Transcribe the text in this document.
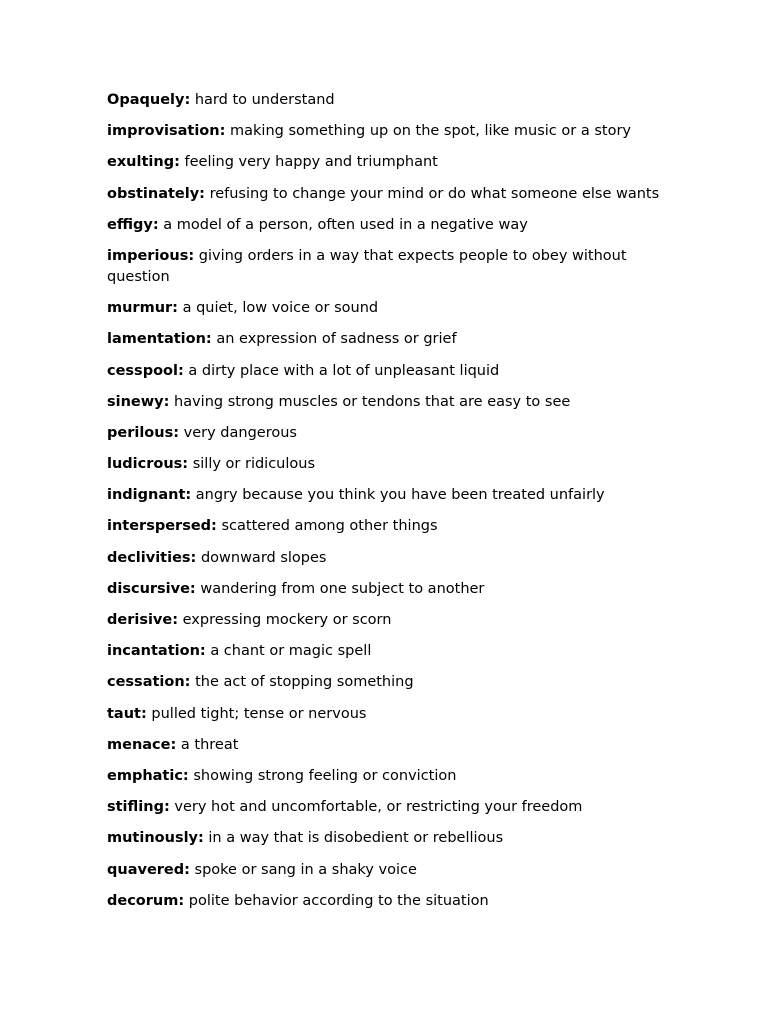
Opaquely: hard to understand
improvisation: making something up on the spot, like music or a story
exulting: feeling very happy and triumphant
obstinately: refusing to change your mind or do what someone else wants
effigy: a model of a person, often used in a negative way
imperious: giving orders in a way that expects people to obey without question
murmur: a quiet, low voice or sound
lamentation: an expression of sadness or grief
cesspool: a dirty place with a lot of unpleasant liquid
sinewy: having strong muscles or tendons that are easy to see
perilous: very dangerous
ludicrous: silly or ridiculous
indignant: angry because you think you have been treated unfairly
interspersed: scattered among other things
declivities: downward slopes
discursive: wandering from one subject to another
derisive: expressing mockery or scorn
incantation: a chant or magic spell
cessation: the act of stopping something
taut: pulled tight; tense or nervous
menace: a threat
emphatic: showing strong feeling or conviction
stifling: very hot and uncomfortable, or restricting your freedom
mutinously: in a way that is disobedient or rebellious
quavered: spoke or sang in a shaky voice
decorum: polite behavior according to the situation
